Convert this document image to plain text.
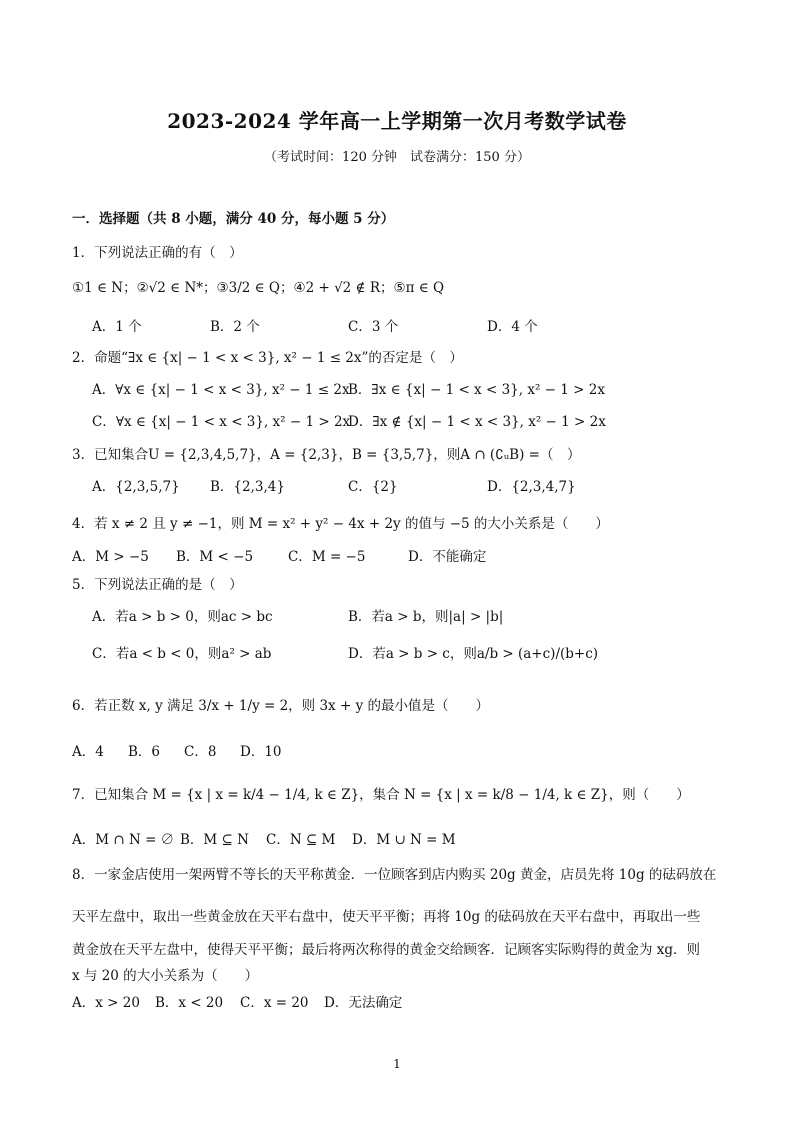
2023-2024 学年高一上学期第一次月考数学试卷
（考试时间：120 分钟　试卷满分：150 分）
一．选择题（共 8 小题，满分 40 分，每小题 5 分）
1．下列说法正确的有（　）
①1 ∈ N；②√2 ∈ N*；③3/2 ∈ Q；④2 + √2 ∉ R；⑤π ∈ Q
A．1 个	B．2 个	C．3 个	D．4 个
2．命题“∃x ∈ {x| − 1 < x < 3}, x² − 1 ≤ 2x”的否定是（　）
A．∀x ∈ {x| − 1 < x < 3}, x² − 1 ≤ 2x
B．∃x ∈ {x| − 1 < x < 3}, x² − 1 > 2x
C．∀x ∈ {x| − 1 < x < 3}, x² − 1 > 2x
D．∃x ∉ {x| − 1 < x < 3}, x² − 1 > 2x
3．已知集合U = {2,3,4,5,7}，A = {2,3}，B = {3,5,7}，则A ∩ (∁ᵤB) =（　）
A．{2,3,5,7} B．{2,3,4}	C．{2}	D．{2,3,4,7}
4．若 x ≠ 2 且 y ≠ −1，则 M = x² + y² − 4x + 2y 的值与 −5 的大小关系是（　　）
A．M > −5 B．M < −5	C．M = −5	D．不能确定
5．下列说法正确的是（　）
A．若a > b > 0，则ac > bc	B．若a > b，则|a| > |b|
C．若a < b < 0，则a² > ab	D．若a > b > c，则a/b > (a+c)/(b+c)
6．若正数 x, y 满足 3/x + 1/y = 2，则 3x + y 的最小值是（　　）
A．4 B．6 C．8 D．10
7．已知集合 M = {x | x = k/4 − 1/4, k ∈ Z}，集合 N = {x | x = k/8 − 1/4, k ∈ Z}，则（　　）
A．M ∩ N = ∅ B．M ⊆ N C．N ⊆ M D．M ∪ N = M
8．一家金店使用一架两臂不等长的天平称黄金．一位顾客到店内购买 20g 黄金，店员先将 10g 的砝码放在
天平左盘中，取出一些黄金放在天平右盘中，使天平平衡；再将 10g 的砝码放在天平右盘中，再取出一些
黄金放在天平左盘中，使得天平平衡；最后将两次称得的黄金交给顾客．记顾客实际购得的黄金为 xg．则
x 与 20 的大小关系为（　　）
A．x > 20 B．x < 20 C．x = 20 D．无法确定
1
